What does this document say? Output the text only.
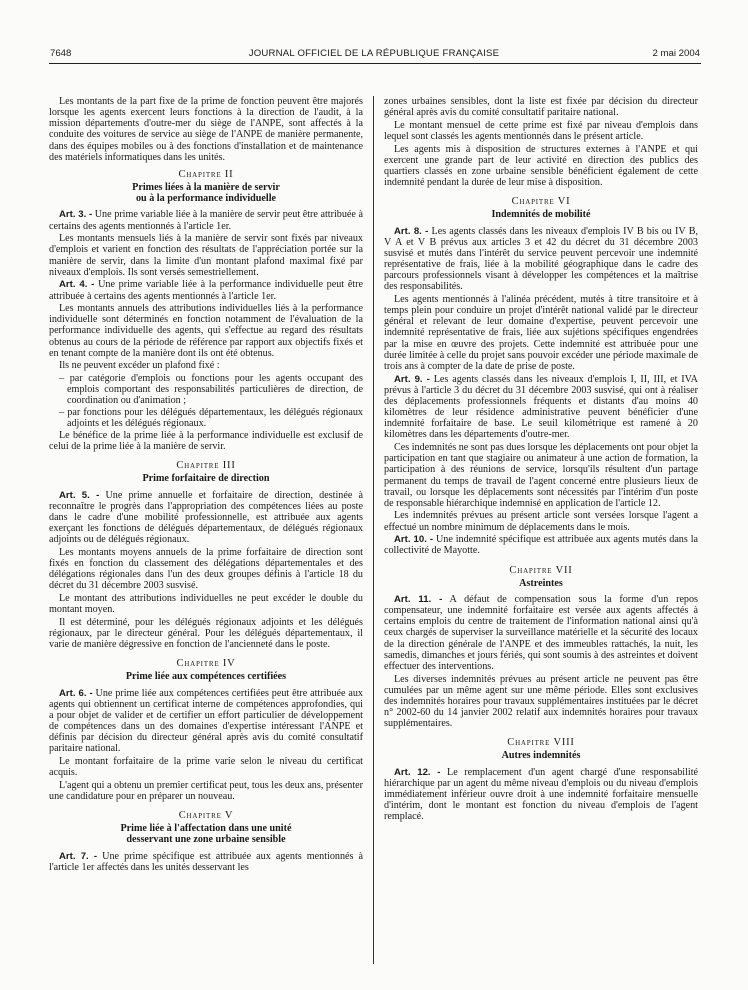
7648	JOURNAL OFFICIEL DE LA RÉPUBLIQUE FRANÇAISE	2 mai 2004

Les montants de la part fixe de la prime de fonction peuvent être majorés lorsque les agents exercent leurs fonctions à la direction de l'audit, à la mission départements d'outre-mer du siège de l'ANPE, sont affectés à la conduite des voitures de service au siège de l'ANPE de manière permanente, dans des équipes mobiles ou à des fonctions d'installation et de maintenance des matériels informatiques dans les unités.

Chapitre II
Primes liées à la manière de servir
ou à la performance individuelle

Art. 3. - Une prime variable liée à la manière de servir peut être attribuée à certains des agents mentionnés à l'article 1er.

Les montants mensuels liés à la manière de servir sont fixés par niveaux d'emplois et varient en fonction des résultats de l'appréciation portée sur la manière de servir, dans la limite d'un montant plafond maximal fixé par niveaux d'emplois. Ils sont versés semestriellement.

Art. 4. - Une prime variable liée à la performance individuelle peut être attribuée à certains des agents mentionnés à l'article 1er.

Les montants annuels des attributions individuelles liés à la performance individuelle sont déterminés en fonction notamment de l'évaluation de la performance individuelle des agents, qui s'effectue au regard des résultats obtenus au cours de la période de référence par rapport aux objectifs fixés et en tenant compte de la manière dont ils ont été obtenus.

Ils ne peuvent excéder un plafond fixé :

– par catégorie d'emplois ou fonctions pour les agents occupant des emplois comportant des responsabilités particulières de direction, de coordination ou d'animation ;
– par fonctions pour les délégués départementaux, les délégués régionaux adjoints et les délégués régionaux.

Le bénéfice de la prime liée à la performance individuelle est exclusif de celui de la prime liée à la manière de servir.

Chapitre III
Prime forfaitaire de direction

Art. 5. - Une prime annuelle et forfaitaire de direction, destinée à reconnaître le progrès dans l'appropriation des compétences liées au poste dans le cadre d'une mobilité professionnelle, est attribuée aux agents exerçant les fonctions de délégués départementaux, de délégués régionaux adjoints ou de délégués régionaux.

Les montants moyens annuels de la prime forfaitaire de direction sont fixés en fonction du classement des délégations départementales et des délégations régionales dans l'un des deux groupes définis à l'article 18 du décret du 31 décembre 2003 susvisé.

Le montant des attributions individuelles ne peut excéder le double du montant moyen.

Il est déterminé, pour les délégués régionaux adjoints et les délégués régionaux, par le directeur général. Pour les délégués départementaux, il varie de manière dégressive en fonction de l'ancienneté dans le poste.

Chapitre IV
Prime liée aux compétences certifiées

Art. 6. - Une prime liée aux compétences certifiées peut être attribuée aux agents qui obtiennent un certificat interne de compétences approfondies, qui a pour objet de valider et de certifier un effort particulier de développement de compétences dans un des domaines d'expertise intéressant l'ANPE et définis par décision du directeur général après avis du comité consultatif paritaire national.

Le montant forfaitaire de la prime varie selon le niveau du certificat acquis.

L'agent qui a obtenu un premier certificat peut, tous les deux ans, présenter une candidature pour en préparer un nouveau.

Chapitre V
Prime liée à l'affectation dans une unité
desservant une zone urbaine sensible

Art. 7. - Une prime spécifique est attribuée aux agents mentionnés à l'article 1er affectés dans les unités desservant les

zones urbaines sensibles, dont la liste est fixée par décision du directeur général après avis du comité consultatif paritaire national.

Le montant mensuel de cette prime est fixé par niveau d'emplois dans lequel sont classés les agents mentionnés dans le présent article.

Les agents mis à disposition de structures externes à l'ANPE et qui exercent une grande part de leur activité en direction des publics des quartiers classés en zone urbaine sensible bénéficient également de cette indemnité pendant la durée de leur mise à disposition.

Chapitre VI
Indemnités de mobilité

Art. 8. - Les agents classés dans les niveaux d'emplois IV B bis ou IV B, V A et V B prévus aux articles 3 et 42 du décret du 31 décembre 2003 susvisé et mutés dans l'intérêt du service peuvent percevoir une indemnité représentative de frais, liée à la mobilité géographique dans le cadre des parcours professionnels visant à développer les compétences et la maîtrise des responsabilités.

Les agents mentionnés à l'alinéa précédent, mutés à titre transitoire et à temps plein pour conduire un projet d'intérêt national validé par le directeur général et relevant de leur domaine d'expertise, peuvent percevoir une indemnité représentative de frais, liée aux sujétions spécifiques engendrées par la mise en œuvre des projets. Cette indemnité est attribuée pour une durée limitée à celle du projet sans pouvoir excéder une période maximale de trois ans à compter de la date de prise de poste.

Art. 9. - Les agents classés dans les niveaux d'emplois I, II, III, et IVA prévus à l'article 3 du décret du 31 décembre 2003 susvisé, qui ont à réaliser des déplacements professionnels fréquents et distants d'au moins 40 kilomètres de leur résidence administrative peuvent bénéficier d'une indemnité forfaitaire de base. Le seuil kilométrique est ramené à 20 kilomètres dans les départements d'outre-mer.

Ces indemnités ne sont pas dues lorsque les déplacements ont pour objet la participation en tant que stagiaire ou animateur à une action de formation, la participation à des réunions de service, lorsqu'ils résultent d'un partage permanent du temps de travail de l'agent concerné entre plusieurs lieux de travail, ou lorsque les déplacements sont nécessités par l'intérim d'un poste de responsable hiérarchique indemnisé en application de l'article 12.

Les indemnités prévues au présent article sont versées lorsque l'agent a effectué un nombre minimum de déplacements dans le mois.

Art. 10. - Une indemnité spécifique est attribuée aux agents mutés dans la collectivité de Mayotte.

Chapitre VII
Astreintes

Art. 11. - A défaut de compensation sous la forme d'un repos compensateur, une indemnité forfaitaire est versée aux agents affectés à certains emplois du centre de traitement de l'information national ainsi qu'à ceux chargés de superviser la surveillance matérielle et la sécurité des locaux de la direction générale de l'ANPE et des immeubles rattachés, la nuit, les samedis, dimanches et jours fériés, qui sont soumis à des astreintes et doivent effectuer des interventions.

Les diverses indemnités prévues au présent article ne peuvent pas être cumulées par un même agent sur une même période. Elles sont exclusives des indemnités horaires pour travaux supplémentaires instituées par le décret n° 2002-60 du 14 janvier 2002 relatif aux indemnités horaires pour travaux supplémentaires.

Chapitre VIII
Autres indemnités

Art. 12. - Le remplacement d'un agent chargé d'une responsabilité hiérarchique par un agent du même niveau d'emplois ou du niveau d'emplois immédiatement inférieur ouvre droit à une indemnité forfaitaire mensuelle d'intérim, dont le montant est fonction du niveau d'emplois de l'agent remplacé.
